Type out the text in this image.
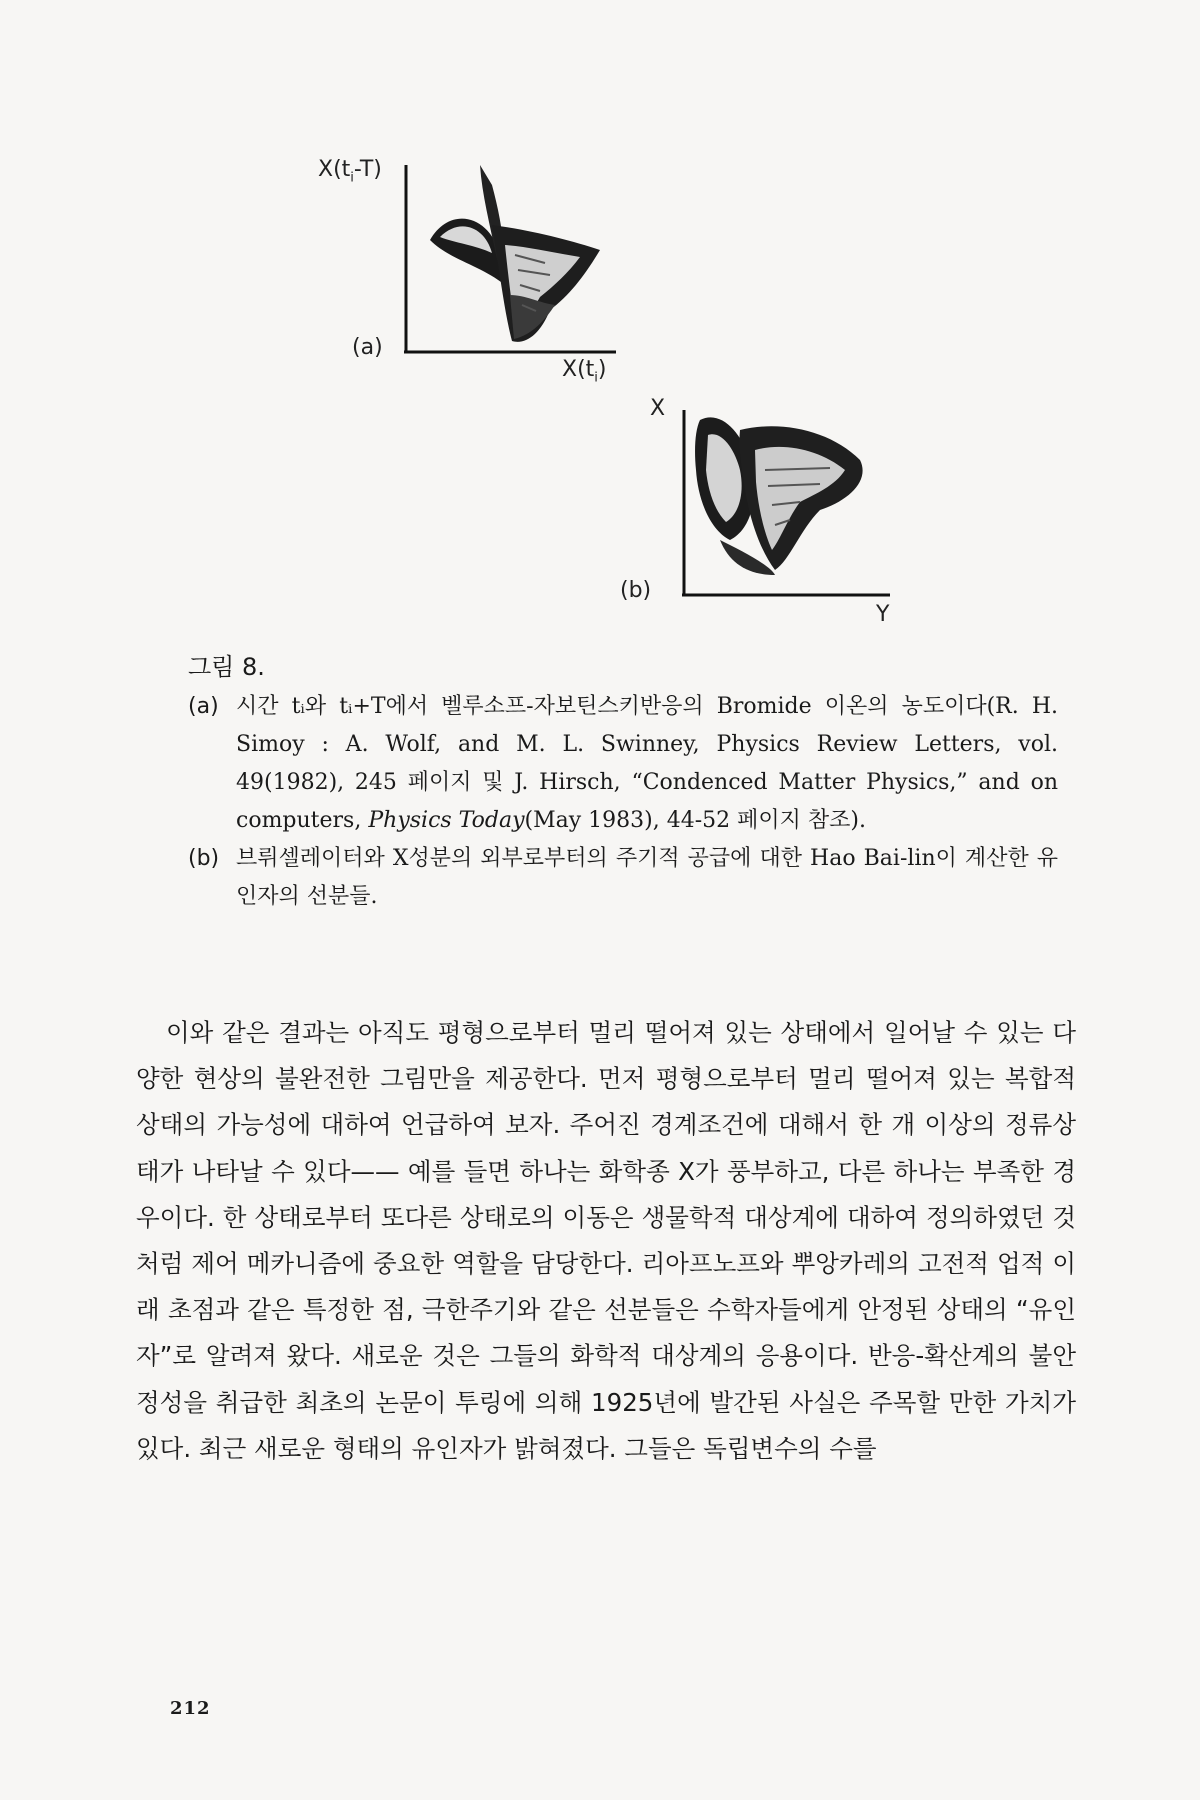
$X(t_i-T)$
(a)
$X(t_i)$
X
(b)
Y
그림 8.
(a) 시간 tᵢ와 tᵢ+T에서 벨루소프-자보틴스키반응의 Bromide 이온의 농도이다(R. H. Simoy : A. Wolf, and M. L. Swinney, Physics Review Letters, vol. 49(1982), 245 페이지 및 J. Hirsch, “Condenced Matter Physics,” and on computers, Physics Today(May 1983), 44-52 페이지 참조).
(b) 브뤼셀레이터와 X성분의 외부로부터의 주기적 공급에 대한 Hao Bai-lin이 계산한 유인자의 선분들.

이와 같은 결과는 아직도 평형으로부터 멀리 떨어져 있는 상태에서 일어날 수 있는 다양한 현상의 불완전한 그림만을 제공한다. 먼저 평형으로부터 멀리 떨어져 있는 복합적 상태의 가능성에 대하여 언급하여 보자. 주어진 경계조건에 대해서 한 개 이상의 정류상태가 나타날 수 있다—— 예를 들면 하나는 화학종 X가 풍부하고, 다른 하나는 부족한 경우이다. 한 상태로부터 또다른 상태로의 이동은 생물학적 대상계에 대하여 정의하였던 것처럼 제어 메카니즘에 중요한 역할을 담당한다. 리아프노프와 뿌앙카레의 고전적 업적 이래 초점과 같은 특정한 점, 극한주기와 같은 선분들은 수학자들에게 안정된 상태의 “유인자”로 알려져 왔다. 새로운 것은 그들의 화학적 대상계의 응용이다. 반응-확산계의 불안정성을 취급한 최초의 논문이 투링에 의해 1925년에 발간된 사실은 주목할 만한 가치가 있다. 최근 새로운 형태의 유인자가 밝혀졌다. 그들은 독립변수의 수를

212
